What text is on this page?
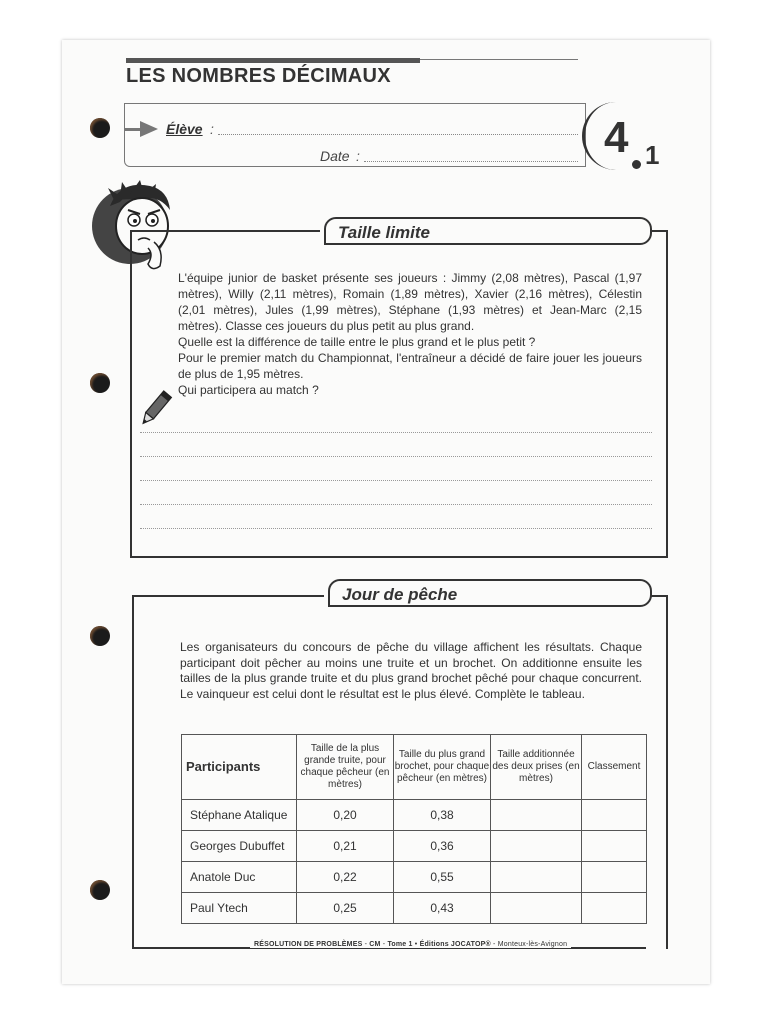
LES NOMBRES DÉCIMAUX
Élève :
Date :	4 1
Taille limite

L'équipe junior de basket présente ses joueurs : Jimmy (2,08 mètres), Pascal (1,97 mètres), Willy (2,11 mètres), Romain (1,89 mètres), Xavier (2,16 mètres), Célestin (2,01 mètres), Jules (1,99 mètres), Stéphane (1,93 mètres) et Jean-Marc (2,15 mètres). Classe ces joueurs du plus petit au plus grand.

Quelle est la différence de taille entre le plus grand et le plus petit ?

Pour le premier match du Championnat, l'entraîneur a décidé de faire jouer les joueurs de plus de 1,95 mètres.

Qui participera au match ?

Jour de pêche
Les organisateurs du concours de pêche du village affichent les résultats. Chaque participant doit pêcher au moins une truite et un brochet. On additionne ensuite les tailles de la plus grande truite et du plus grand brochet pêché pour chaque concurrent. Le vainqueur est celui dont le résultat est le plus élevé. Complète le tableau.
Participants	Taille de la plus grande truite, pour chaque pêcheur (en mètres)	Taille du plus grand brochet, pour chaque pêcheur (en mètres)	Taille additionnée des deux prises (en mètres)	Classement
Stéphane Atalique	0,20	0,38		
Georges Dubuffet	0,21	0,36		
Anatole Duc	0,22	0,55		
Paul Ytech	0,25	0,43		
RÉSOLUTION DE PROBLÈMES - CM - Tome 1 • Éditions JOCATOP® - Monteux-lès-Avignon
